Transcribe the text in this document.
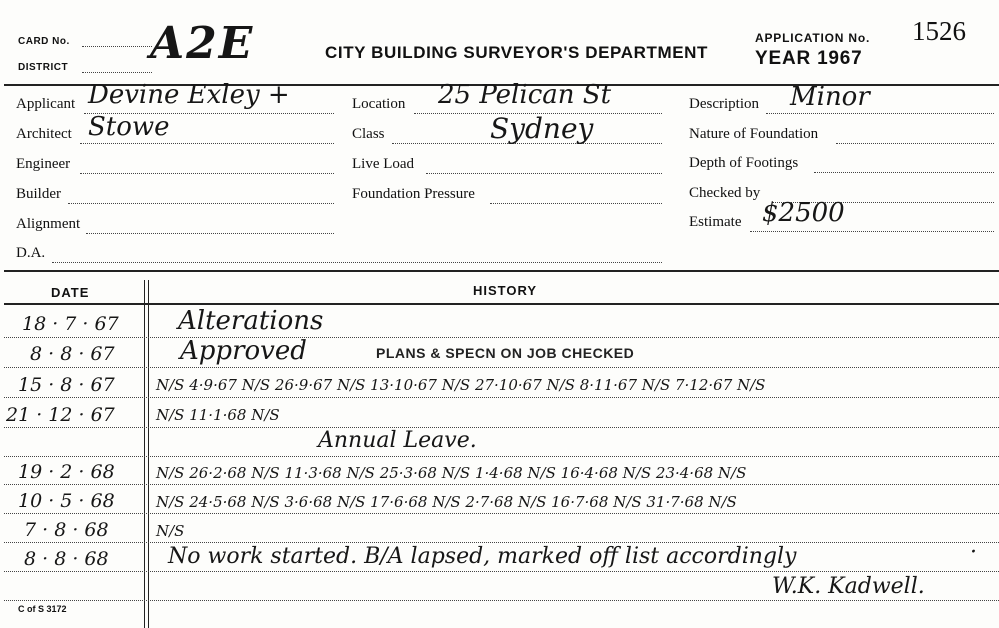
CARD No.
DISTRICT A2E	CITY BUILDING SURVEYOR'S DEPARTMENT
APPLICATION No. 1526
YEAR 1967
Applicant Devine Exley +
Architect Stowe
Engineer
Builder
Alignment
D.A.
Location 25 Pelican St
Class	Sydney
Live Load
Foundation Pressure
Description Minor
Nature of Foundation
Depth of Footings
Checked by
Estimate $2500
DATE	HISTORY
18 · 7 · 67 Alterations
8 · 8 · 67	Approved	PLANS & SPECN ON JOB CHECKED
15 · 8 · 67	N/S 4·9·67 N/S 26·9·67 N/S 13·10·67 N/S 27·10·67 N/S 8·11·67 N/S 7·12·67 N/S
21 · 12 · 67	N/S 11·1·68 N/S
Annual Leave.
19 · 2 · 68	N/S 26·2·68 N/S 11·3·68 N/S 25·3·68 N/S 1·4·68 N/S 16·4·68 N/S 23·4·68 N/S
10 · 5 · 68	N/S 24·5·68 N/S 3·6·68 N/S 17·6·68 N/S 2·7·68 N/S 16·7·68 N/S 31·7·68 N/S
7 · 8 · 68	N/S
8 · 8 · 68	No work started. B/A lapsed, marked off list accordingly	·
W.K. Kadwell.
C of S 3172
